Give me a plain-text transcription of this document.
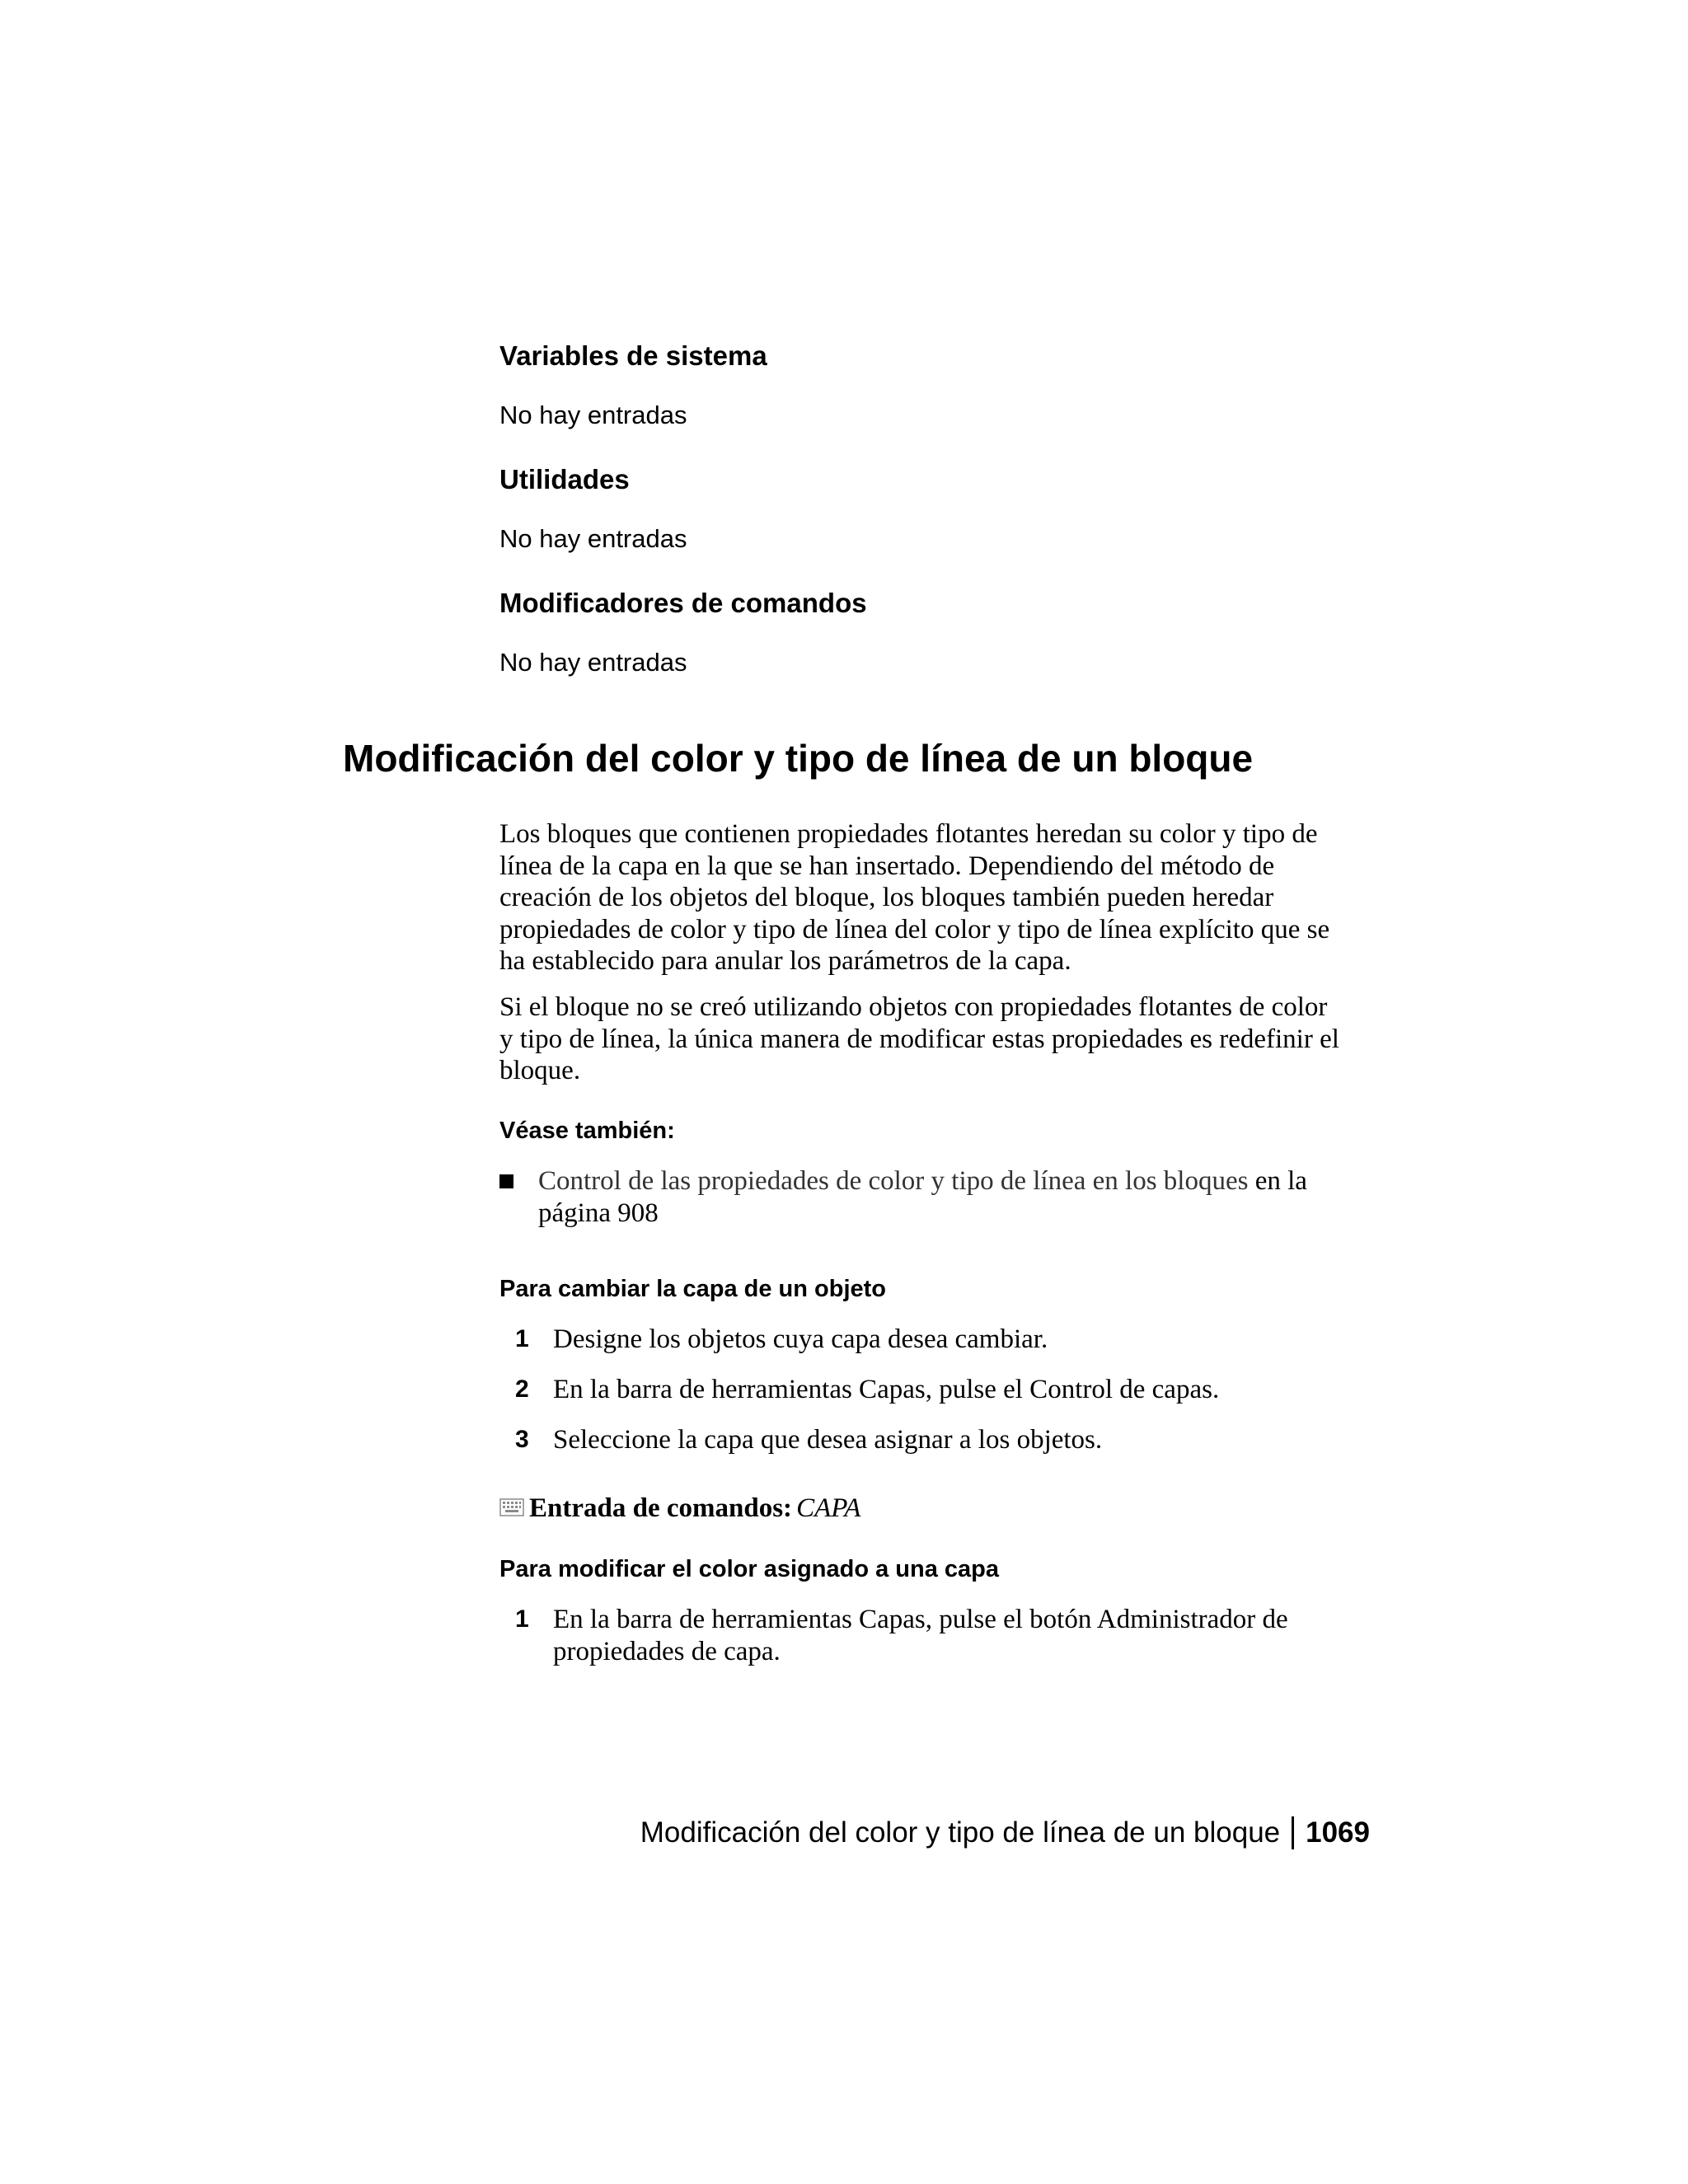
Variables de sistema
No hay entradas
Utilidades
No hay entradas
Modificadores de comandos
No hay entradas
Modificación del color y tipo de línea de un bloque
Los bloques que contienen propiedades flotantes heredan su color y tipo de
línea de la capa en la que se han insertado. Dependiendo del método de
creación de los objetos del bloque, los bloques también pueden heredar
propiedades de color y tipo de línea del color y tipo de línea explícito que se
ha establecido para anular los parámetros de la capa.
Si el bloque no se creó utilizando objetos con propiedades flotantes de color
y tipo de línea, la única manera de modificar estas propiedades es redefinir el
bloque.
Véase también:
Control de las propiedades de color y tipo de línea en los bloques en la
página 908
Para cambiar la capa de un objeto
1 Designe los objetos cuya capa desea cambiar.
2 En la barra de herramientas Capas, pulse el Control de capas.
3 Seleccione la capa que desea asignar a los objetos.
Entrada de comandos: CAPA
Para modificar el color asignado a una capa
1 En la barra de herramientas Capas, pulse el botón Administrador de
propiedades de capa.
Modificación del color y tipo de línea de un bloque 1069
